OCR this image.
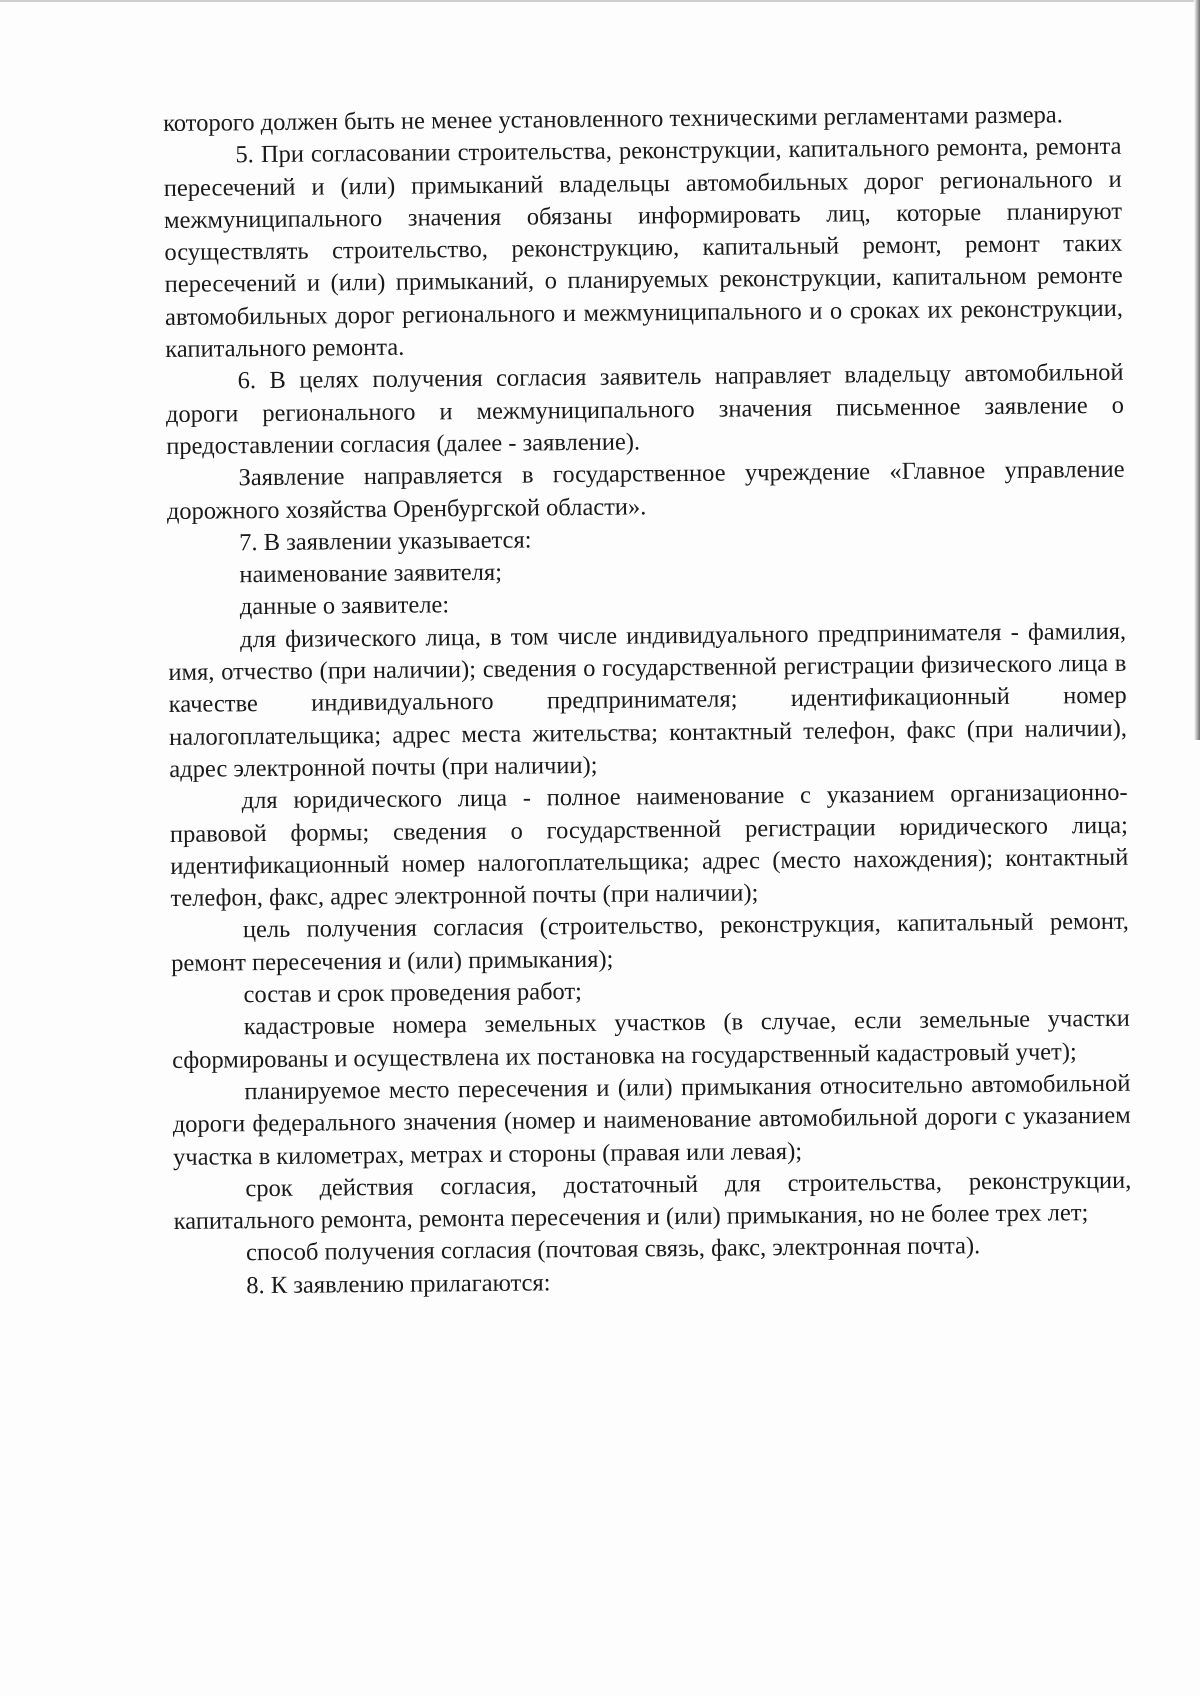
которого должен быть не менее установленного техническими регламентами размера.

5. При согласовании строительства, реконструкции, капитального ремонта, ремонта пересечений и (или) примыканий владельцы автомобильных дорог регионального и межмуниципального значения обязаны информировать лиц, которые планируют осуществлять строительство, реконструкцию, капитальный ремонт, ремонт таких пересечений и (или) примыканий, о планируемых реконструкции, капитальном ремонте автомобильных дорог регионального и межмуниципального и о сроках их реконструкции, капитального ремонта.

6. В целях получения согласия заявитель направляет владельцу автомобильной дороги регионального и межмуниципального значения письменное заявление о предоставлении согласия (далее - заявление).

Заявление направляется в государственное учреждение «Главное управление дорожного хозяйства Оренбургской области».

7. В заявлении указывается:

наименование заявителя;

данные о заявителе:

для физического лица, в том числе индивидуального предпринимателя - фамилия, имя, отчество (при наличии); сведения о государственной регистрации физического лица в качестве индивидуального предпринимателя; идентификационный номер налогоплательщика; адрес места жительства; контактный телефон, факс (при наличии), адрес электронной почты (при наличии);

для юридического лица - полное наименование с указанием организационно-правовой формы; сведения о государственной регистрации юридического лица; идентификационный номер налогоплательщика; адрес (место нахождения); контактный телефон, факс, адрес электронной почты (при наличии);

цель получения согласия (строительство, реконструкция, капитальный ремонт, ремонт пересечения и (или) примыкания);

состав и срок проведения работ;

кадастровые номера земельных участков (в случае, если земельные участки сформированы и осуществлена их постановка на государственный кадастровый учет);

планируемое место пересечения и (или) примыкания относительно автомобильной дороги федерального значения (номер и наименование автомобильной дороги с указанием участка в километрах, метрах и стороны (правая или левая);

срок действия согласия, достаточный для строительства, реконструкции, капитального ремонта, ремонта пересечения и (или) примыкания, но не более трех лет;

способ получения согласия (почтовая связь, факс, электронная почта).

8. К заявлению прилагаются:
